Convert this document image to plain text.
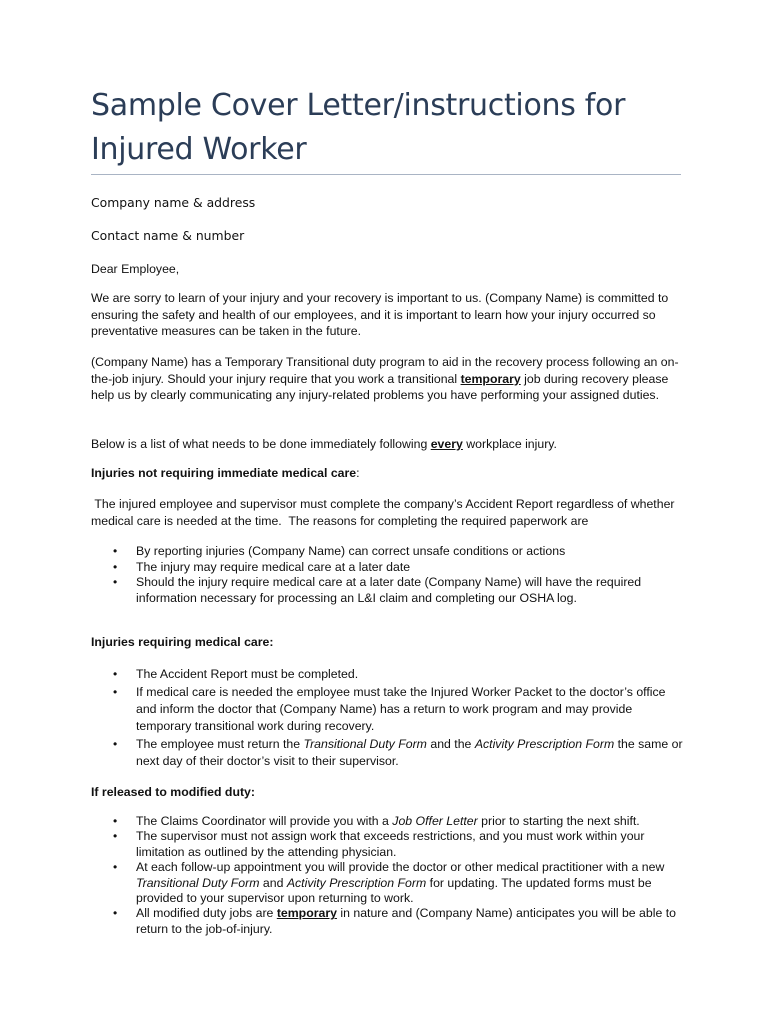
Sample Cover Letter/instructions for Injured Worker

Company name & address

Contact name & number

Dear Employee,

We are sorry to learn of your injury and your recovery is important to us. (Company Name) is committed to ensuring the safety and health of our employees, and it is important to learn how your injury occurred so preventative measures can be taken in the future.

(Company Name) has a Temporary Transitional duty program to aid in the recovery process following an on-the-job injury. Should your injury require that you work a transitional temporary job during recovery please help us by clearly communicating any injury-related problems you have performing your assigned duties.

Below is a list of what needs to be done immediately following every workplace injury.

Injuries not requiring immediate medical care:

The injured employee and supervisor must complete the company’s Accident Report regardless of whether medical care is needed at the time.  The reasons for completing the required paperwork are

• By reporting injuries (Company Name) can correct unsafe conditions or actions
• The injury may require medical care at a later date
• Should the injury require medical care at a later date (Company Name) will have the required information necessary for processing an L&I claim and completing our OSHA log.

Injuries requiring medical care:

• The Accident Report must be completed.
• If medical care is needed the employee must take the Injured Worker Packet to the doctor’s office and inform the doctor that (Company Name) has a return to work program and may provide temporary transitional work during recovery.
• The employee must return the Transitional Duty Form and the Activity Prescription Form the same or next day of their doctor’s visit to their supervisor.

If released to modified duty:

• The Claims Coordinator will provide you with a Job Offer Letter prior to starting the next shift.
• The supervisor must not assign work that exceeds restrictions, and you must work within your limitation as outlined by the attending physician.
• At each follow-up appointment you will provide the doctor or other medical practitioner with a new Transitional Duty Form and Activity Prescription Form for updating. The updated forms must be provided to your supervisor upon returning to work.
• All modified duty jobs are temporary in nature and (Company Name) anticipates you will be able to return to the job-of-injury.
